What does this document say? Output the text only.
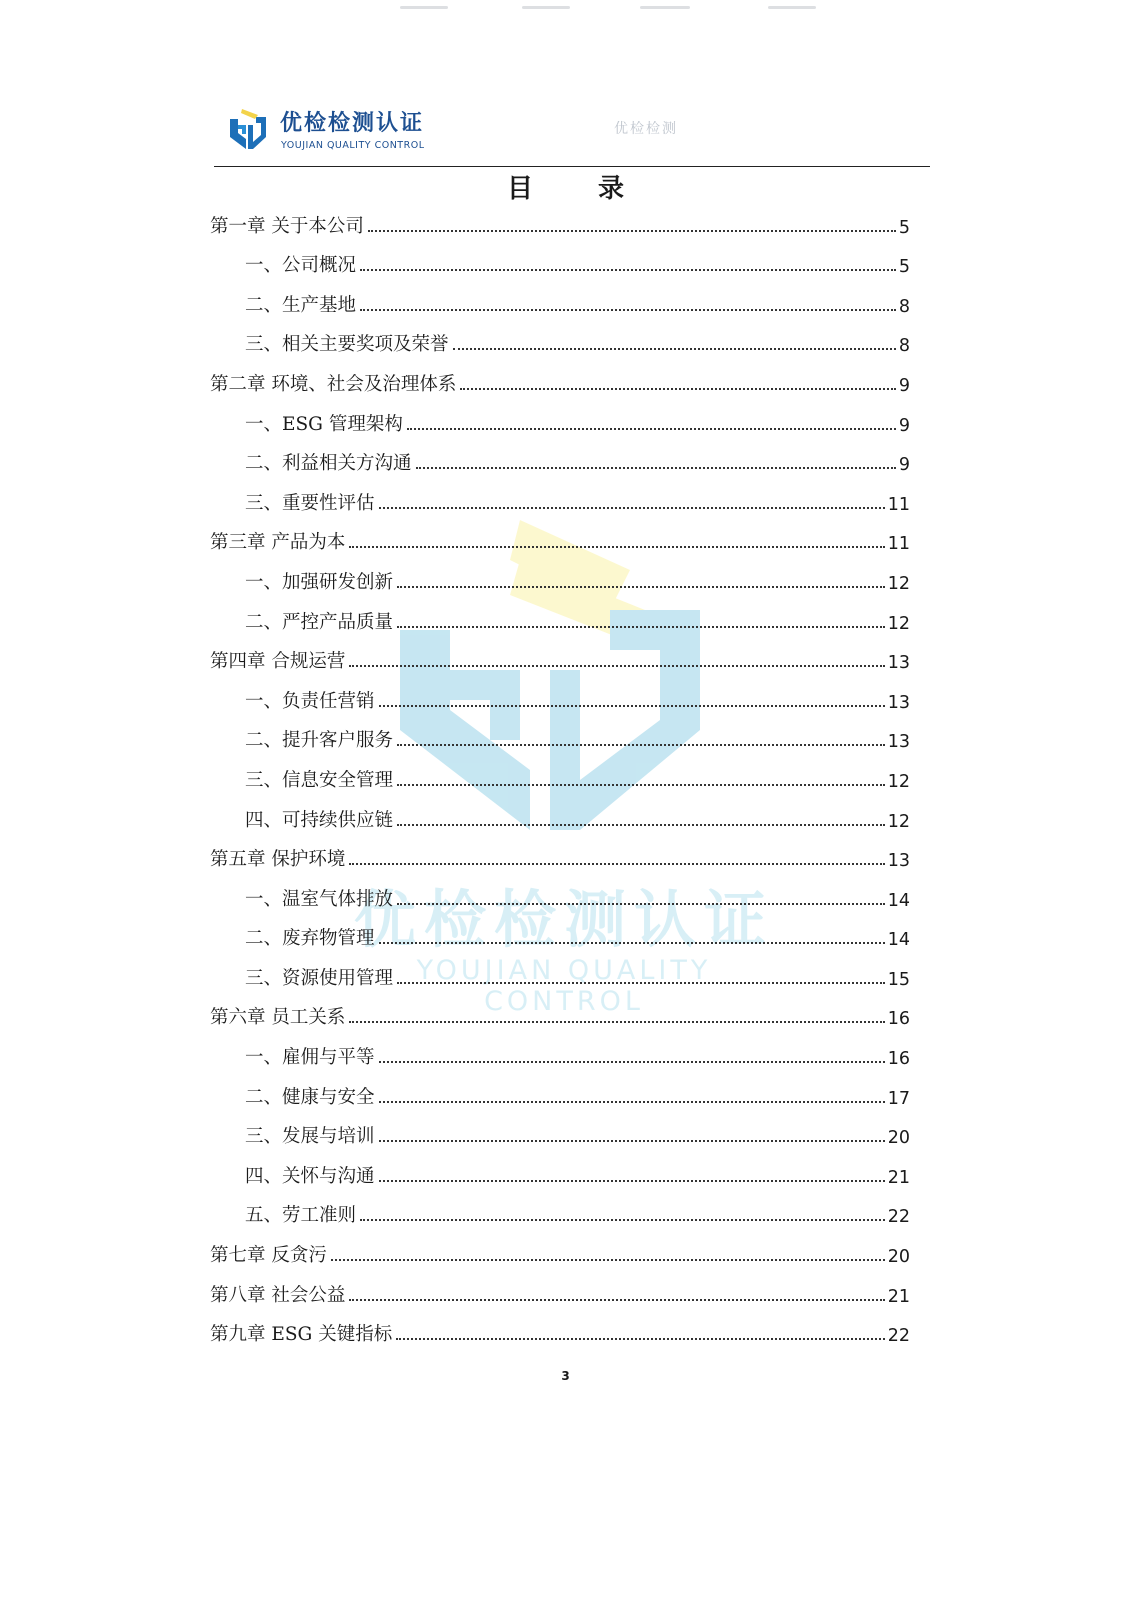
优检检测认证
YOUJIAN QUALITY CONTROL
优检检测认证
YOUJIAN QUALITY CONTROL
优检检测
目 录
第一章 关于本公司	5
一、公司概况	5
二、生产基地	8
三、相关主要奖项及荣誉	8
第二章 环境、社会及治理体系	9
一、ESG 管理架构	9
二、利益相关方沟通	9
三、重要性评估	11
第三章 产品为本	11
一、加强研发创新	12
二、严控产品质量	12
第四章 合规运营	13
一、负责任营销	13
二、提升客户服务	13
三、信息安全管理	12
四、可持续供应链	12
第五章 保护环境	13
一、温室气体排放	14
二、废弃物管理	14
三、资源使用管理	15
第六章 员工关系	16
一、雇佣与平等	16
二、健康与安全	17
三、发展与培训	20
四、关怀与沟通	21
五、劳工准则	22
第七章 反贪污	20
第八章 社会公益	21
第九章 ESG 关键指标	22
3
